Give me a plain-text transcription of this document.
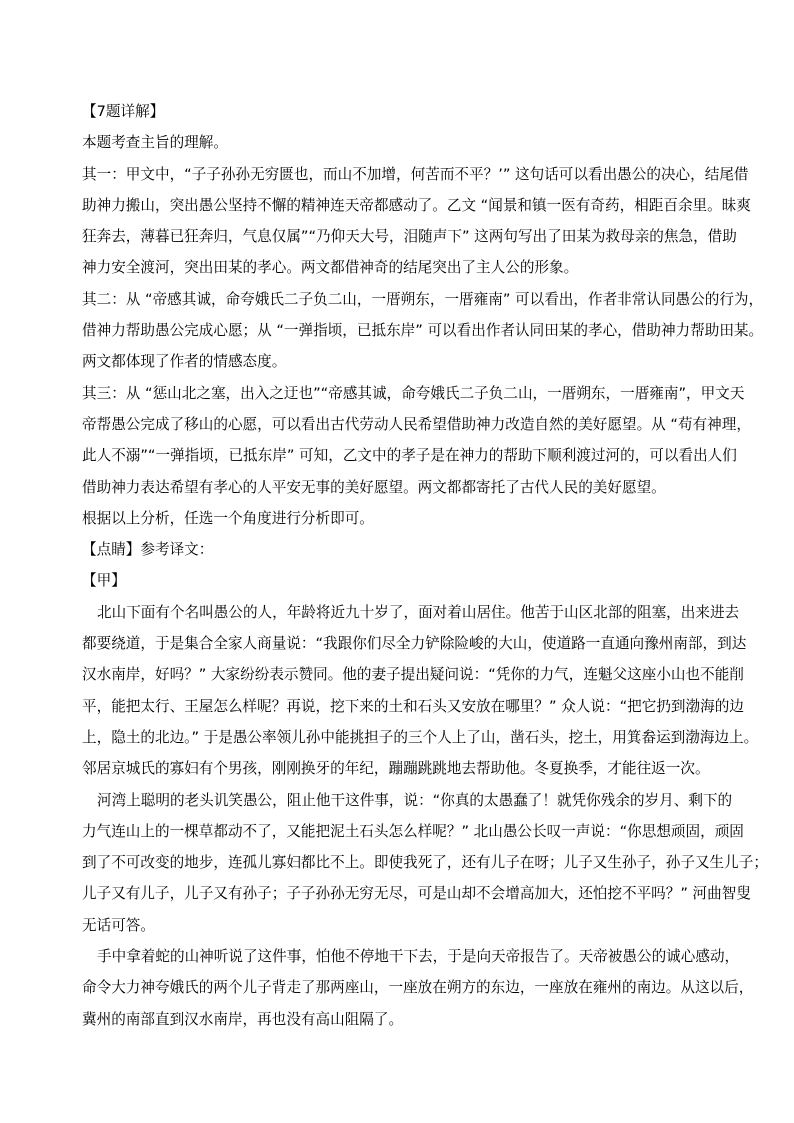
【7题详解】
本题考查主旨的理解。
其一：甲文中，“子子孙孙无穷匮也，而山不加增，何苦而不平？’” 这句话可以看出愚公的决心，结尾借
助神力搬山，突出愚公坚持不懈的精神连天帝都感动了。乙文 “闻景和镇一医有奇药，相距百余里。昧爽
狂奔去，薄暮已狂奔归，气息仅属”“乃仰天大号，泪随声下” 这两句写出了田某为救母亲的焦急，借助
神力安全渡河，突出田某的孝心。两文都借神奇的结尾突出了主人公的形象。
其二：从 “帝感其诚，命夸娥氏二子负二山，一厝朔东，一厝雍南” 可以看出，作者非常认同愚公的行为，
借神力帮助愚公完成心愿；从 “一弹指顷，已抵东岸” 可以看出作者认同田某的孝心，借助神力帮助田某。
两文都体现了作者的情感态度。
其三：从 “惩山北之塞，出入之迂也”“帝感其诚，命夸娥氏二子负二山，一厝朔东，一厝雍南”，甲文天
帝帮愚公完成了移山的心愿，可以看出古代劳动人民希望借助神力改造自然的美好愿望。从 “苟有神理，
此人不溺”“一弹指顷，已抵东岸” 可知，乙文中的孝子是在神力的帮助下顺利渡过河的，可以看出人们
借助神力表达希望有孝心的人平安无事的美好愿望。两文都都寄托了古代人民的美好愿望。
根据以上分析，任选一个角度进行分析即可。
【点睛】参考译文：
【甲】
北山下面有个名叫愚公的人，年龄将近九十岁了，面对着山居住。他苦于山区北部的阻塞，出来进去
都要绕道，于是集合全家人商量说：“我跟你们尽全力铲除险峻的大山，使道路一直通向豫州南部，到达
汉水南岸，好吗？” 大家纷纷表示赞同。他的妻子提出疑问说：“凭你的力气，连魁父这座小山也不能削
平，能把太行、王屋怎么样呢？再说，挖下来的土和石头又安放在哪里？” 众人说：“把它扔到渤海的边
上，隐土的北边。” 于是愚公率领儿孙中能挑担子的三个人上了山，凿石头，挖土，用箕畚运到渤海边上。
邻居京城氏的寡妇有个男孩，刚刚换牙的年纪，蹦蹦跳跳地去帮助他。冬夏换季，才能往返一次。
河湾上聪明的老头讥笑愚公，阻止他干这件事，说：“你真的太愚蠢了！就凭你残余的岁月、剩下的
力气连山上的一棵草都动不了，又能把泥土石头怎么样呢？” 北山愚公长叹一声说：“你思想顽固，顽固
到了不可改变的地步，连孤儿寡妇都比不上。即使我死了，还有儿子在呀；儿子又生孙子，孙子又生儿子；
儿子又有儿子，儿子又有孙子；子子孙孙无穷无尽，可是山却不会增高加大，还怕挖不平吗？” 河曲智叟
无话可答。
手中拿着蛇的山神听说了这件事，怕他不停地干下去，于是向天帝报告了。天帝被愚公的诚心感动，
命令大力神夸娥氏的两个儿子背走了那两座山，一座放在朔方的东边，一座放在雍州的南边。从这以后，
冀州的南部直到汉水南岸，再也没有高山阻隔了。
